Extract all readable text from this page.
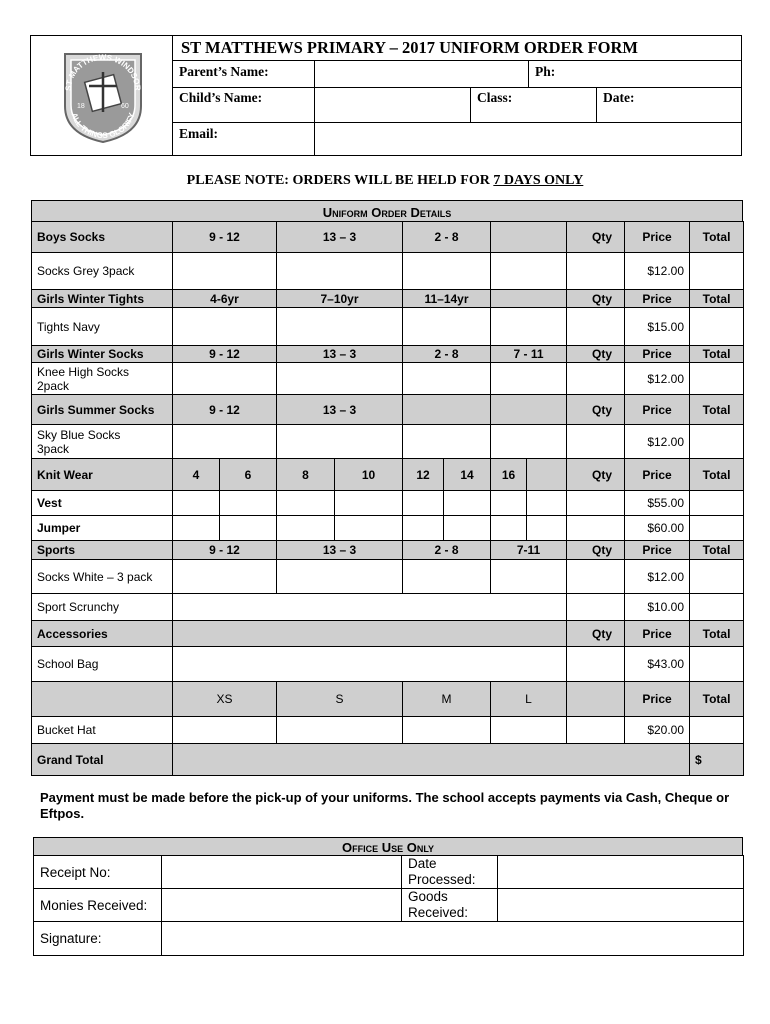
ST MATTHEWS WINDSOR
ALL THINGS GLORIFY
18	60
ST MATTHEWS PRIMARY – 2017 UNIFORM ORDER FORM
Parent’s Name:	Ph:
Child’s Name:	Class:	Date:
Email:
PLEASE NOTE: ORDERS WILL BE HELD FOR 7 DAYS ONLY
Uniform Order Details
Boys Socks	9 - 12		13 – 3		2 - 8				Qty	Price	Total
Socks Grey 3pack										$12.00	
Girls Winter Tights	4-6yr		7–10yr		11–14yr				Qty	Price	Total
Tights Navy										$15.00	
Girls Winter Socks	9 - 12		13 – 3		2 - 8		7 - 11		Qty	Price	Total
Knee High Socks
2pack										$12.00	
Girls Summer Socks	9 - 12		13 – 3						Qty	Price	Total
Sky Blue Socks
3pack										$12.00	
Knit Wear	4	6	8	10	12	14	16		Qty	Price	Total
Vest										$55.00	
Jumper										$60.00	
Sports	9 - 12		13 – 3		2 - 8		7-11		Qty	Price	Total
Socks White – 3 pack										$12.00	
Sport Scrunchy										$10.00	
Accessories									Qty	Price	Total
School Bag										$43.00	
	XS		S		M		L			Price	Total
Bucket Hat										$20.00	
Grand Total											$
Payment must be made before the pick-up of your uniforms. The school accepts payments via Cash, Cheque or Eftpos.
Office Use Only
Receipt No:		Date Processed:	
Monies Received:		Goods Received:	
Signature:			
